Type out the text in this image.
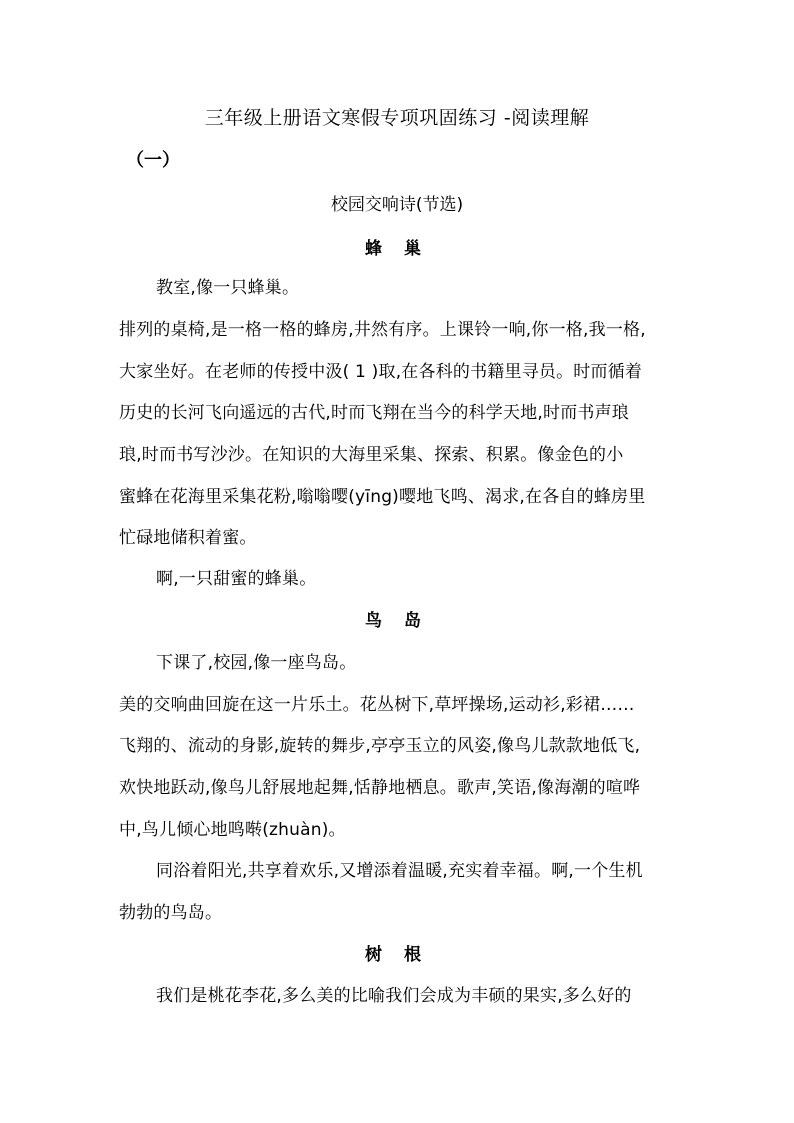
三年级上册语文寒假专项巩固练习 -阅读理解
（一）
校园交响诗(节选)
蜂 巢
教室,像一只蜂巢。
排列的桌椅,是一格一格的蜂房,井然有序。上课铃一响,你一格,我一格,
大家坐好。在老师的传授中汲( 1 )取,在各科的书籍里寻员。时而循着
历史的长河飞向遥远的古代,时而飞翔在当今的科学天地,时而书声琅
琅,时而书写沙沙。在知识的大海里采集、探索、积累。像金色的小
蜜蜂在花海里采集花粉,嗡嗡嘤(yīng)嘤地飞鸣、渴求,在各自的蜂房里
忙碌地储积着蜜。
啊,一只甜蜜的蜂巢。
鸟 岛
下课了,校园,像一座鸟岛。
美的交响曲回旋在这一片乐土。花丛树下,草坪操场,运动衫,彩裙……
飞翔的、流动的身影,旋转的舞步,亭亭玉立的风姿,像鸟儿款款地低飞,
欢快地跃动,像鸟儿舒展地起舞,恬静地栖息。歌声,笑语,像海潮的喧哗
中,鸟儿倾心地鸣啭(zhuàn)。
同浴着阳光,共享着欢乐,又增添着温暖,充实着幸福。啊,一个生机
勃勃的鸟岛。
树 根
我们是桃花李花,多么美的比喻我们会成为丰硕的果实,多么好的
